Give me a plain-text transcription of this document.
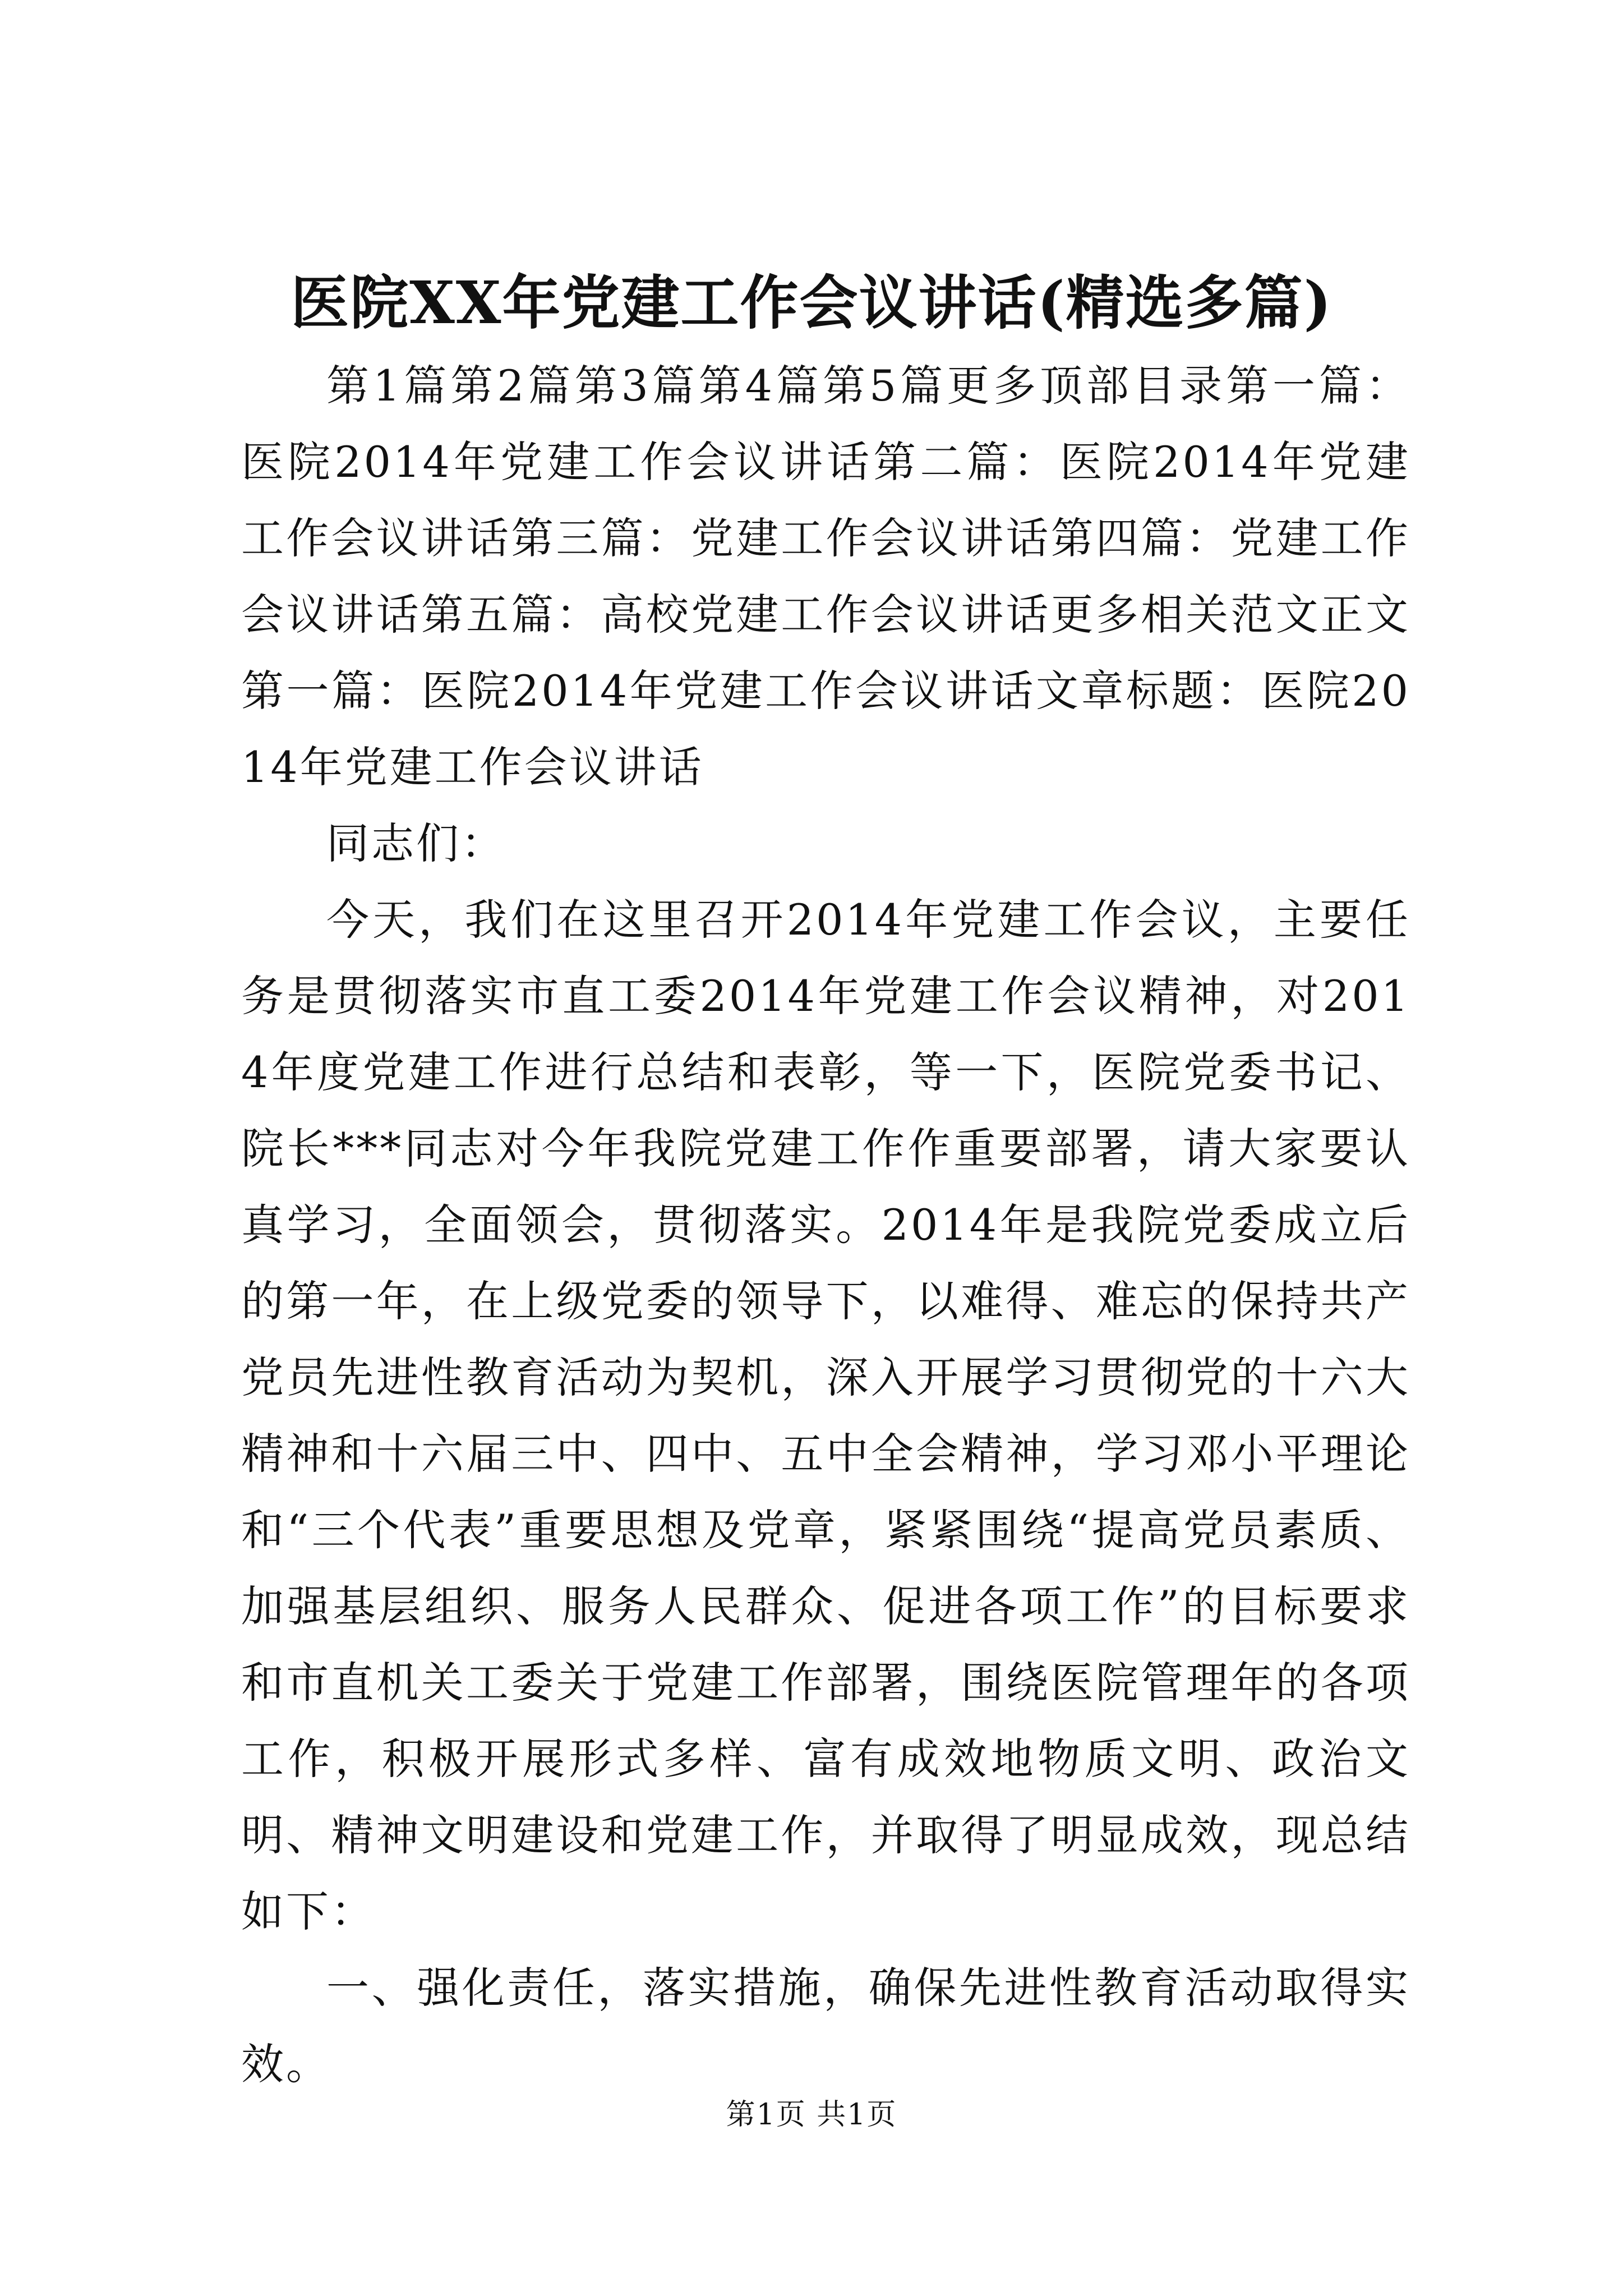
医院XX年党建工作会议讲话(精选多篇)

第1篇第2篇第3篇第4篇第5篇更多顶部目录第一篇：医院2014年党建工作会议讲话第二篇：医院2014年党建工作会议讲话第三篇：党建工作会议讲话第四篇：党建工作会议讲话第五篇：高校党建工作会议讲话更多相关范文正文第一篇：医院2014年党建工作会议讲话文章标题：医院2014年党建工作会议讲话

同志们：

今天，我们在这里召开2014年党建工作会议，主要任务是贯彻落实市直工委2014年党建工作会议精神，对2014年度党建工作进行总结和表彰，等一下，医院党委书记、院长***同志对今年我院党建工作作重要部署，请大家要认真学习，全面领会，贯彻落实。2014年是我院党委成立后的第一年，在上级党委的领导下，以难得、难忘的保持共产党员先进性教育活动为契机，深入开展学习贯彻党的十六大精神和十六届三中、四中、五中全会精神，学习邓小平理论和“三个代表”重要思想及党章，紧紧围绕“提高党员素质、加强基层组织、服务人民群众、促进各项工作”的目标要求和市直机关工委关于党建工作部署，围绕医院管理年的各项工作，积极开展形式多样、富有成效地物质文明、政治文明、精神文明建设和党建工作，并取得了明显成效，现总结如下：

一、强化责任，落实措施，确保先进性教育活动取得实效。

第1页 共1页
